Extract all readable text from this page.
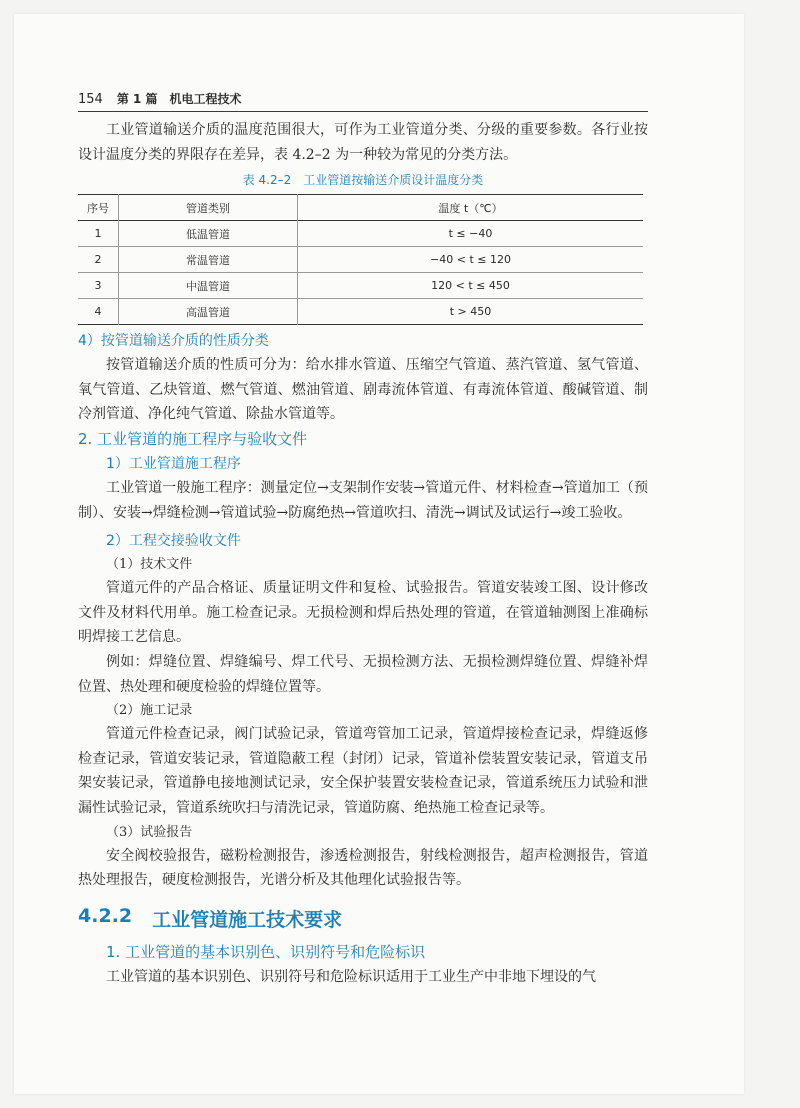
154 第 1 篇　机电工程技术

工业管道输送介质的温度范围很大，可作为工业管道分类、分级的重要参数。各行业按设计温度分类的界限存在差异，表 4.2–2 为一种较为常见的分类方法。

表 4.2–2　工业管道按输送介质设计温度分类
序号	管道类别	温度 t（℃）
1	低温管道	t ≤ −40
2	常温管道	−40 < t ≤ 120
3	中温管道	120 < t ≤ 450
4	高温管道	t > 450
4）按管道输送介质的性质分类

按管道输送介质的性质可分为：给水排水管道、压缩空气管道、蒸汽管道、氢气管道、氧气管道、乙炔管道、燃气管道、燃油管道、剧毒流体管道、有毒流体管道、酸碱管道、制冷剂管道、净化纯气管道、除盐水管道等。

2. 工业管道的施工程序与验收文件
1）工业管道施工程序

工业管道一般施工程序：测量定位→支架制作安装→管道元件、材料检查→管道加工（预制）、安装→焊缝检测→管道试验→防腐绝热→管道吹扫、清洗→调试及试运行→竣工验收。

2）工程交接验收文件
（1）技术文件

管道元件的产品合格证、质量证明文件和复检、试验报告。管道安装竣工图、设计修改文件及材料代用单。施工检查记录。无损检测和焊后热处理的管道，在管道轴测图上准确标明焊接工艺信息。

例如：焊缝位置、焊缝编号、焊工代号、无损检测方法、无损检测焊缝位置、焊缝补焊位置、热处理和硬度检验的焊缝位置等。

（2）施工记录

管道元件检查记录，阀门试验记录，管道弯管加工记录，管道焊接检查记录，焊缝返修检查记录，管道安装记录，管道隐蔽工程（封闭）记录，管道补偿装置安装记录，管道支吊架安装记录，管道静电接地测试记录，安全保护装置安装检查记录，管道系统压力试验和泄漏性试验记录，管道系统吹扫与清洗记录，管道防腐、绝热施工检查记录等。

（3）试验报告

安全阀校验报告，磁粉检测报告，渗透检测报告，射线检测报告，超声检测报告，管道热处理报告，硬度检测报告，光谱分析及其他理化试验报告等。

4.2.2 工业管道施工技术要求
1. 工业管道的基本识别色、识别符号和危险标识

工业管道的基本识别色、识别符号和危险标识适用于工业生产中非地下埋设的气
